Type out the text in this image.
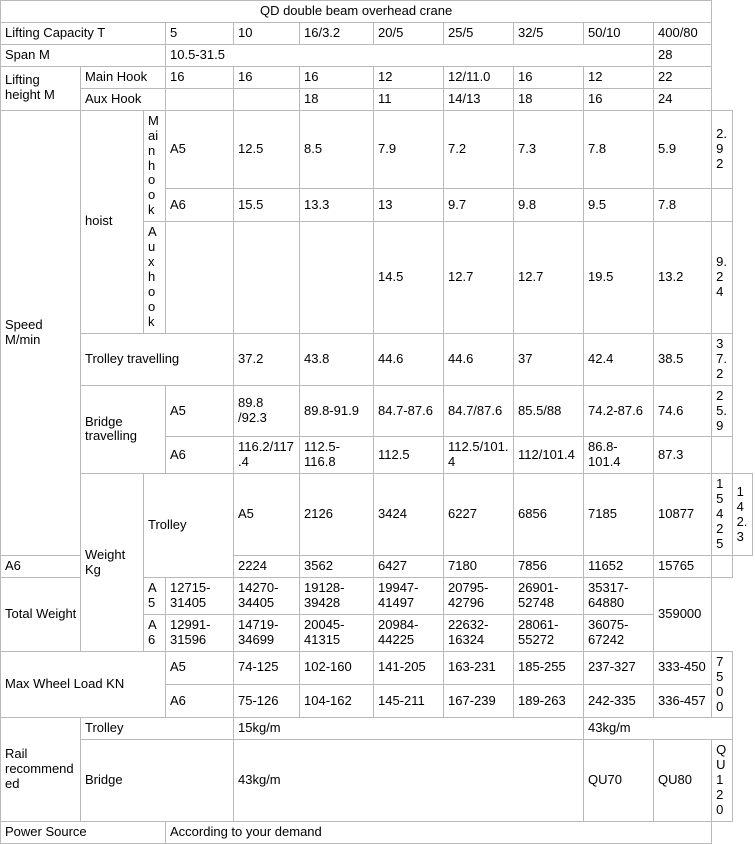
QD double beam overhead crane												
Lifting Capacity T			5	10	16/3.2	20/5	25/5	32/5	50/10	400/80		
Span M			10.5-31.5							28		
Lifting height M	Main Hook		16	16	16	12	12/11.0	16	12	22		
	Aux Hook				18	11	14/13	18	16	24		
Speed M/min	hoist	Main hook	A5	12.5	8.5	7.9	7.2	7.3	7.8	5.9	2.92	
			A6	15.5	13.3	13	9.7	9.8	9.5	7.8		
		Aux hook				14.5	12.7	12.7	19.5	13.2	9.24	
	Trolley travelling			37.2	43.8	44.6	44.6	37	42.4	38.5	37.2	
	Bridge travelling		A5	89.8 /92.3	89.8-91.9	84.7-87.6	84.7/87.6	85.5/88	74.2-87.6	74.6	25.9	
			A6	116.2/117.4	112.5-116.8	112.5	112.5/101.4	112/101.4	86.8-101.4	87.3		
	Weight Kg	Trolley		A5	2126	3424	6227	6856	7185	10877	15425	142.3
A6				2224	3562	6427	7180	7856	11652	15765		
Total Weight		A5	12715-31405	14270-34405	19128-39428	19947-41497	20795-42796	26901-52748	35317-64880	359000		
		A6	12991-31596	14719-34699	20045-41315	20984-44225	22632-16324	28061-55272	36075-67242			
Max Wheel Load KN			A5	74-125	102-160	141-205	163-231	185-255	237-327	333-450	7500	
			A6	75-126	104-162	145-211	167-239	189-263	242-335	336-457		
Rail recommended	Trolley			15kg/m					43kg/m			
	Bridge			43kg/m					QU70	QU80	QU120	
Power Source			According to your demand									
